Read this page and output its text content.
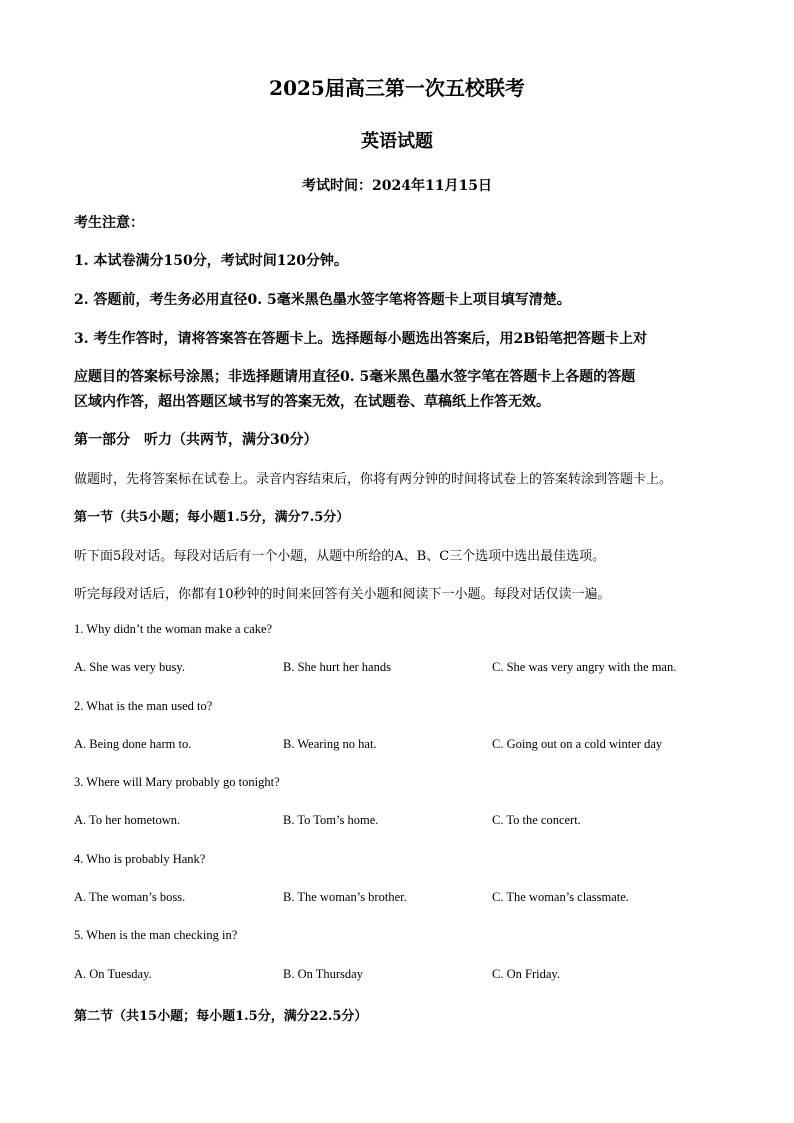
2025届高三第一次五校联考
英语试题
考试时间：2024年11月15日
考生注意：
1. 本试卷满分150分，考试时间120分钟。
2. 答题前，考生务必用直径0. 5毫米黑色墨水签字笔将答题卡上项目填写清楚。
3. 考生作答时，请将答案答在答题卡上。选择题每小题选出答案后，用2B铅笔把答题卡上对
应题目的答案标号涂黑；非选择题请用直径0. 5毫米黑色墨水签字笔在答题卡上各题的答题
区域内作答，超出答题区域书写的答案无效，在试题卷、草稿纸上作答无效。
第一部分　听力（共两节，满分30分）
做题时，先将答案标在试卷上。录音内容结束后，你将有两分钟的时间将试卷上的答案转涂到答题卡上。
第一节（共5小题；每小题1.5分，满分7.5分）
听下面5段对话。每段对话后有一个小题，从题中所给的A、B、C三个选项中选出最佳选项。
听完每段对话后，你都有10秒钟的时间来回答有关小题和阅读下一小题。每段对话仅读一遍。
1. Why didn’t the woman make a cake?
A. She was very busy.	B. She hurt her hands	C. She was very angry with the man.
2. What is the man used to?
A. Being done harm to.	B. Wearing no hat.	C. Going out on a cold winter day
3. Where will Mary probably go tonight?
A. To her hometown.	B. To Tom’s home.	C. To the concert.
4. Who is probably Hank?
A. The woman’s boss.	B. The woman’s brother.	C. The woman’s classmate.
5. When is the man checking in?
A. On Tuesday.	B. On Thursday	C. On Friday.
第二节（共15小题；每小题1.5分，满分22.5分）
